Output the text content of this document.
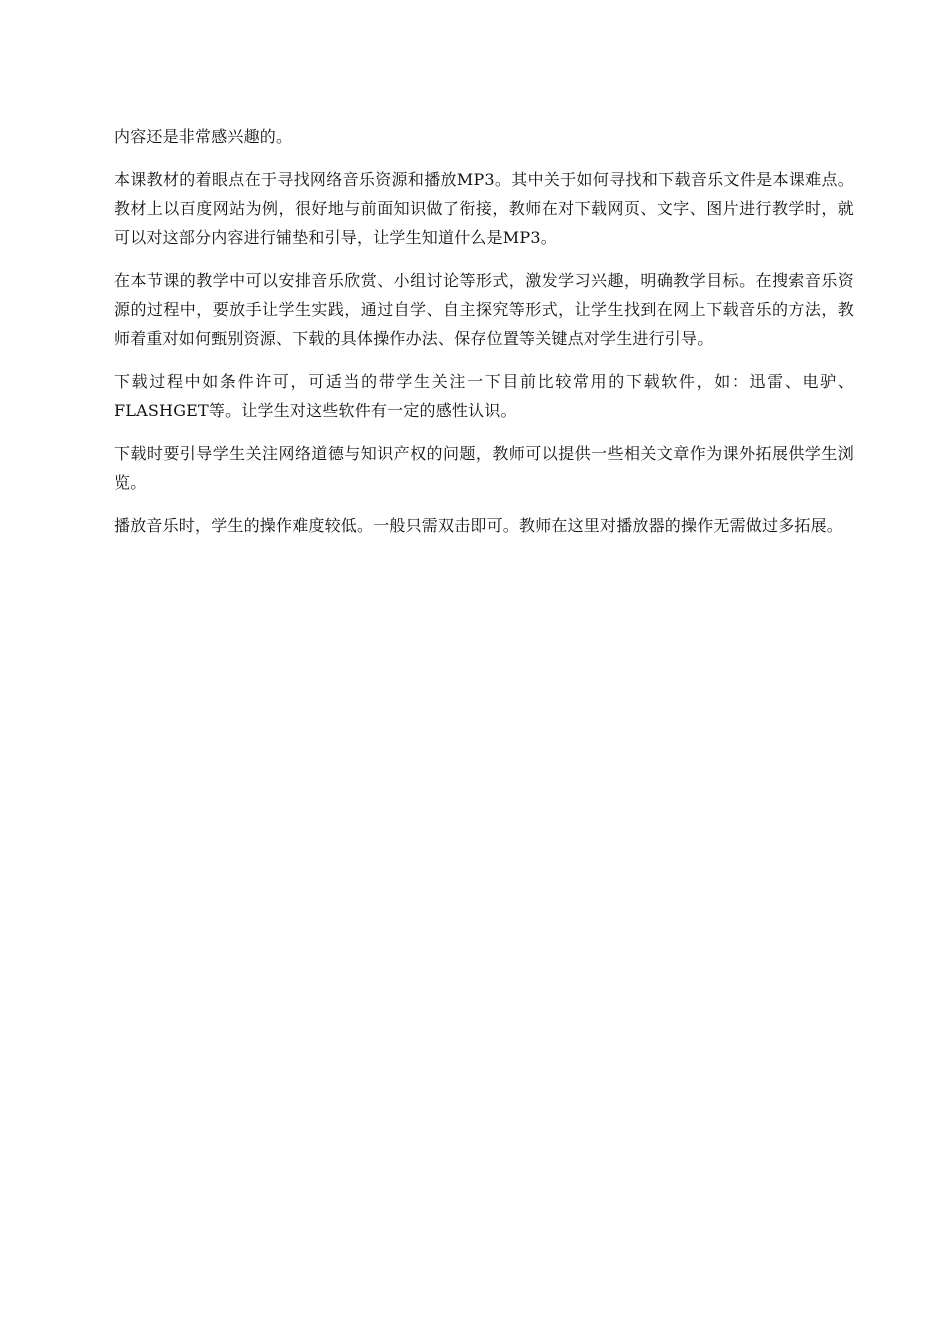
内容还是非常感兴趣的。

本课教材的着眼点在于寻找网络音乐资源和播放MP3。其中关于如何寻找和下载音乐文件是本课难点。教材上以百度网站为例，很好地与前面知识做了衔接，教师在对下载网页、文字、图片进行教学时，就可以对这部分内容进行铺垫和引导，让学生知道什么是MP3。

在本节课的教学中可以安排音乐欣赏、小组讨论等形式，激发学习兴趣，明确教学目标。在搜索音乐资源的过程中，要放手让学生实践，通过自学、自主探究等形式，让学生找到在网上下载音乐的方法，教师着重对如何甄别资源、下载的具体操作办法、保存位置等关键点对学生进行引导。

下载过程中如条件许可，可适当的带学生关注一下目前比较常用的下载软件，如：迅雷、电驴、FLASHGET等。让学生对这些软件有一定的感性认识。

下载时要引导学生关注网络道德与知识产权的问题，教师可以提供一些相关文章作为课外拓展供学生浏览。

播放音乐时，学生的操作难度较低。一般只需双击即可。教师在这里对播放器的操作无需做过多拓展。
